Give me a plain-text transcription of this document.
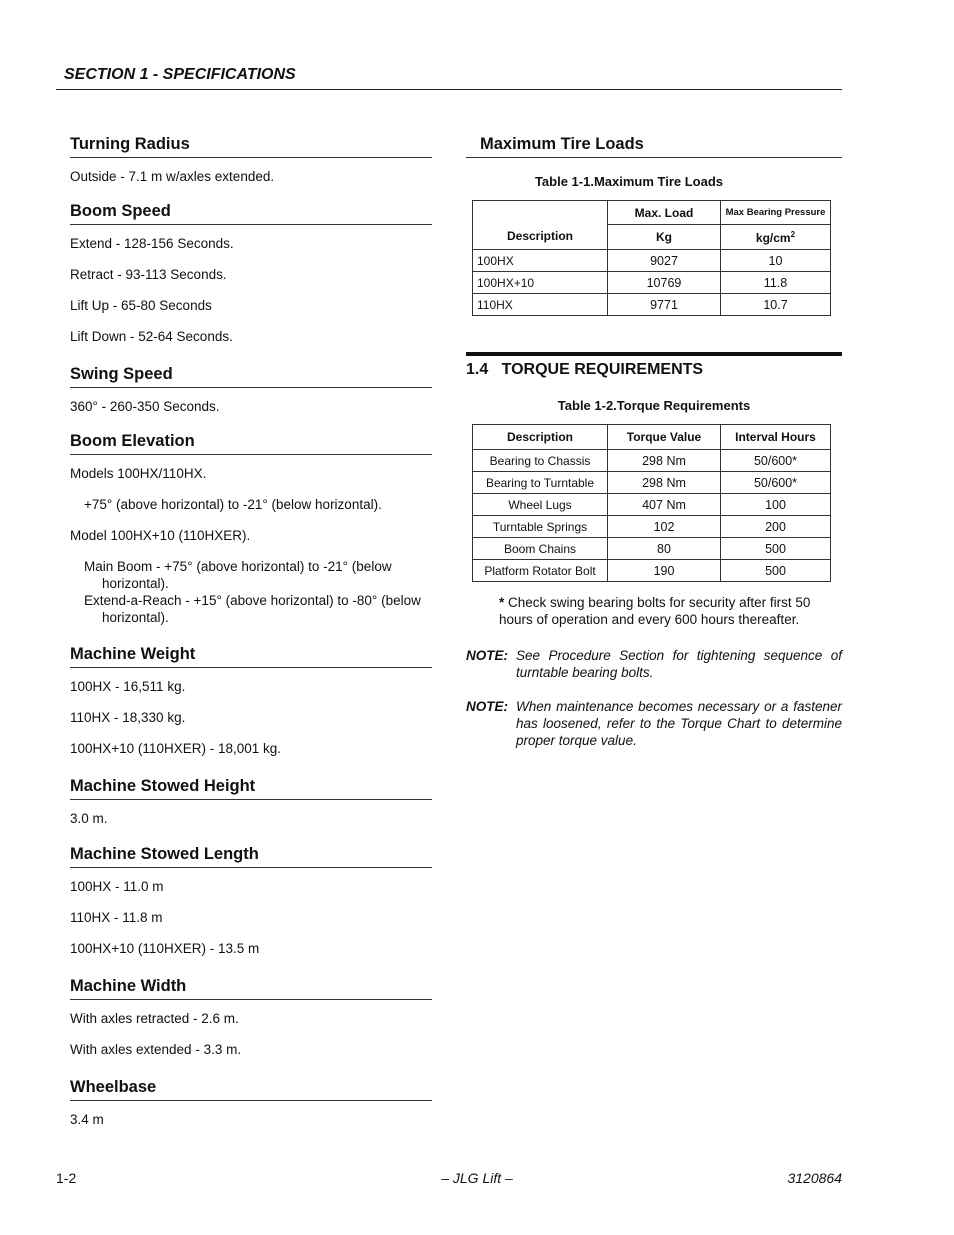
SECTION 1 - SPECIFICATIONS
Turning Radius

Outside - 7.1 m w/axles extended.

Boom Speed

Extend - 128-156 Seconds.

Retract - 93-113 Seconds.

Lift Up - 65-80 Seconds

Lift Down - 52-64 Seconds.

Swing Speed

360° - 260-350 Seconds.

Boom Elevation

Models 100HX/110HX.

+75° (above horizontal) to -21° (below horizontal).

Model 100HX+10 (110HXER).

Main Boom - +75° (above horizontal) to -21° (below horizontal).

Extend-a-Reach - +15° (above horizontal) to -80° (below horizontal).

Machine Weight

100HX - 16,511 kg.

110HX - 18,330 kg.

100HX+10 (110HXER) - 18,001 kg.

Machine Stowed Height

3.0 m.

Machine Stowed Length

100HX - 11.0 m

110HX - 11.8 m

100HX+10 (110HXER) - 13.5 m

Machine Width

With axles retracted - 2.6 m.

With axles extended - 3.3 m.

Wheelbase

3.4 m

Maximum Tire Loads
Table 1-1.Maximum Tire Loads
Description	Max. Load	Max Bearing Pressure
	Kg	$kg/cm^2$
100HX	9027	10
100HX+10	10769	11.8
110HX	9771	10.7
1.4 TORQUE REQUIREMENTS
Table 1-2.Torque Requirements
Description	Torque Value	Interval Hours
Bearing to Chassis	298 Nm	50/600*
Bearing to Turntable	298 Nm	50/600*
Wheel Lugs	407 Nm	100
Turntable Springs	102	200
Boom Chains	80	500
Platform Rotator Bolt	190	500

* Check swing bearing bolts for security after first 50 hours of operation and every 600 hours thereafter.

NOTE: See Procedure Section for tightening sequence of turntable bearing bolts.
NOTE: When maintenance becomes necessary or a fastener has loosened, refer to the Torque Chart to determine proper torque value.
1-2	– JLG Lift –	3120864
